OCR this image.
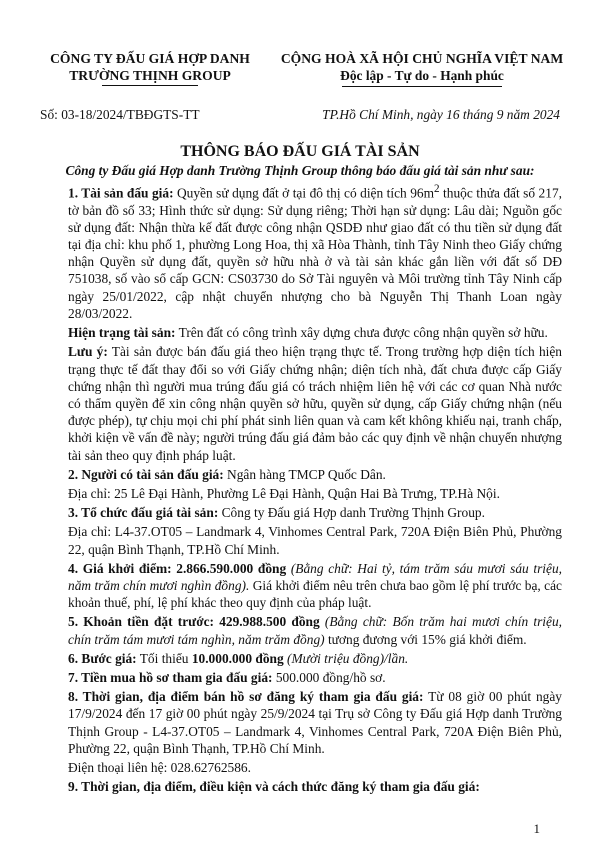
CÔNG TY ĐẤU GIÁ HỢP DANH
TRƯỜNG THỊNH GROUP
CỘNG HOÀ XÃ HỘI CHỦ NGHĨA VIỆT NAM
Độc lập - Tự do - Hạnh phúc
Số: 03-18/2024/TBĐGTS-TT	TP.Hồ Chí Minh, ngày 16 tháng 9 năm 2024
THÔNG BÁO ĐẤU GIÁ TÀI SẢN
Công ty Đấu giá Hợp danh Trường Thịnh Group thông báo đấu giá tài sản như sau:

1. Tài sản đấu giá: Quyền sử dụng đất ở tại đô thị có diện tích $96m^2$ thuộc thửa đất số 217, tờ bản đồ số 33; Hình thức sử dụng: Sử dụng riêng; Thời hạn sử dụng: Lâu dài; Nguồn gốc sử dụng đất: Nhận thừa kế đất được công nhận QSDĐ như giao đất có thu tiền sử dụng đất tại địa chỉ: khu phố 1, phường Long Hoa, thị xã Hòa Thành, tỉnh Tây Ninh theo Giấy chứng nhận Quyền sử dụng đất, quyền sở hữu nhà ở và tài sản khác gắn liền với đất số DĐ 751038, số vào sổ cấp GCN: CS03730 do Sở Tài nguyên và Môi trường tỉnh Tây Ninh cấp ngày 25/01/2022, cập nhật chuyển nhượng cho bà Nguyễn Thị Thanh Loan ngày 28/03/2022.

Hiện trạng tài sản: Trên đất có công trình xây dựng chưa được công nhận quyền sở hữu.

Lưu ý: Tài sản được bán đấu giá theo hiện trạng thực tế. Trong trường hợp diện tích hiện trạng thực tế đất thay đổi so với Giấy chứng nhận; diện tích nhà, đất chưa được cấp Giấy chứng nhận thì người mua trúng đấu giá có trách nhiệm liên hệ với các cơ quan Nhà nước có thẩm quyền để xin công nhận quyền sở hữu, quyền sử dụng, cấp Giấy chứng nhận (nếu được phép), tự chịu mọi chi phí phát sinh liên quan và cam kết không khiếu nại, tranh chấp, khởi kiện về vấn đề này; người trúng đấu giá đảm bảo các quy định về nhận chuyển nhượng tài sản theo quy định pháp luật.

2. Người có tài sản đấu giá: Ngân hàng TMCP Quốc Dân.

Địa chỉ: 25 Lê Đại Hành, Phường Lê Đại Hành, Quận Hai Bà Trưng, TP.Hà Nội.

3. Tổ chức đấu giá tài sản: Công ty Đấu giá Hợp danh Trường Thịnh Group.

Địa chỉ: L4-37.OT05 – Landmark 4, Vinhomes Central Park, 720A Điện Biên Phủ, Phường 22, quận Bình Thạnh, TP.Hồ Chí Minh.

4. Giá khởi điểm: 2.866.590.000 đồng (Bằng chữ: Hai tỷ, tám trăm sáu mươi sáu triệu, năm trăm chín mươi nghìn đồng). Giá khởi điểm nêu trên chưa bao gồm lệ phí trước bạ, các khoản thuế, phí, lệ phí khác theo quy định của pháp luật.

5. Khoản tiền đặt trước: 429.988.500 đồng (Bằng chữ: Bốn trăm hai mươi chín triệu, chín trăm tám mươi tám nghìn, năm trăm đồng) tương đương với 15% giá khởi điểm.

6. Bước giá: Tối thiểu 10.000.000 đồng (Mười triệu đồng)/lần.

7. Tiền mua hồ sơ tham gia đấu giá: 500.000 đồng/hồ sơ.

8. Thời gian, địa điểm bán hồ sơ đăng ký tham gia đấu giá: Từ 08 giờ 00 phút ngày 17/9/2024 đến 17 giờ 00 phút ngày 25/9/2024 tại Trụ sở Công ty Đấu giá Hợp danh Trường Thịnh Group - L4-37.OT05 – Landmark 4, Vinhomes Central Park, 720A Điện Biên Phủ, Phường 22, quận Bình Thạnh, TP.Hồ Chí Minh.

Điện thoại liên hệ: 028.62762586.

9. Thời gian, địa điểm, điều kiện và cách thức đăng ký tham gia đấu giá:

1
